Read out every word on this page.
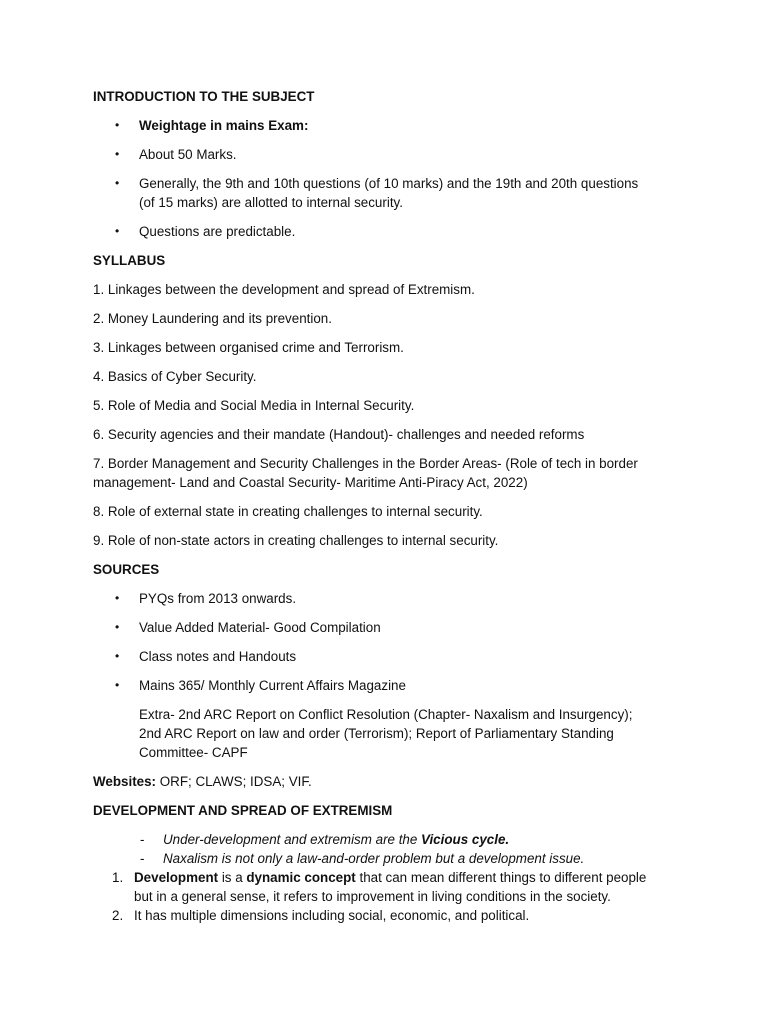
INTRODUCTION TO THE SUBJECT
• Weightage in mains Exam:
• About 50 Marks.
• Generally, the 9th and 10th questions (of 10 marks) and the 19th and 20th questions
(of 15 marks) are allotted to internal security.
• Questions are predictable.
SYLLABUS
1. Linkages between the development and spread of Extremism.
2. Money Laundering and its prevention.
3. Linkages between organised crime and Terrorism.
4. Basics of Cyber Security.
5. Role of Media and Social Media in Internal Security.
6. Security agencies and their mandate (Handout)- challenges and needed reforms
7. Border Management and Security Challenges in the Border Areas- (Role of tech in border
management- Land and Coastal Security- Maritime Anti-Piracy Act, 2022)
8. Role of external state in creating challenges to internal security.
9. Role of non-state actors in creating challenges to internal security.
SOURCES
• PYQs from 2013 onwards.
• Value Added Material- Good Compilation
• Class notes and Handouts
• Mains 365/ Monthly Current Affairs Magazine
Extra- 2nd ARC Report on Conflict Resolution (Chapter- Naxalism and Insurgency);
2nd ARC Report on law and order (Terrorism); Report of Parliamentary Standing
Committee- CAPF
Websites: ORF; CLAWS; IDSA; VIF.
DEVELOPMENT AND SPREAD OF EXTREMISM
- Under-development and extremism are the Vicious cycle.
- Naxalism is not only a law-and-order problem but a development issue.
1. Development is a dynamic concept that can mean different things to different people
but in a general sense, it refers to improvement in living conditions in the society.
2. It has multiple dimensions including social, economic, and political.
